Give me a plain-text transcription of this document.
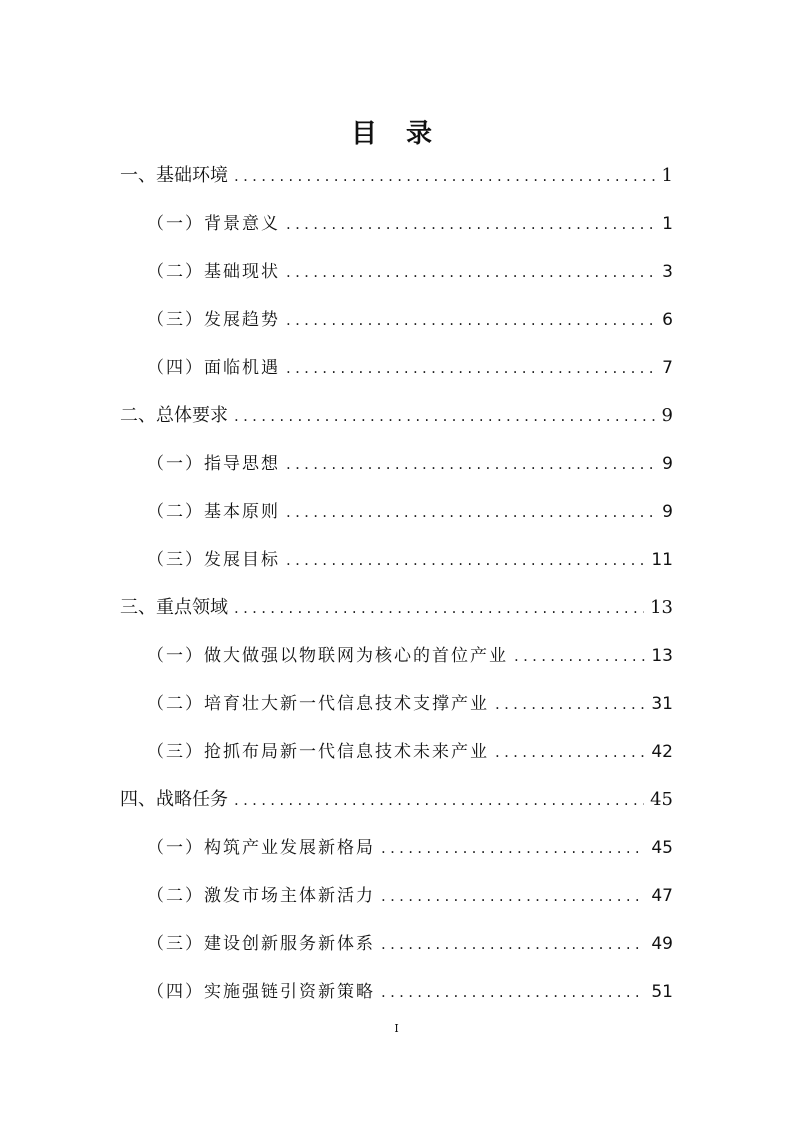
目 录
一、基础环境 .....	1
（一）背景意义 .....	1
（二）基础现状 .....	3
（三）发展趋势 .....	6
（四）面临机遇 .....	7
二、总体要求 .....	9
（一）指导思想 .....	9
（二）基本原则 .....	9
（三）发展目标 .....	11
三、重点领域 .....	13
（一）做大做强以物联网为核心的首位产业 .....	13
（二）培育壮大新一代信息技术支撑产业 .....	31
（三）抢抓布局新一代信息技术未来产业 .....	42
四、战略任务 .....	45
（一）构筑产业发展新格局 .....	45
（二）激发市场主体新活力 .....	47
（三）建设创新服务新体系 .....	49
（四）实施强链引资新策略 .....	51
I
